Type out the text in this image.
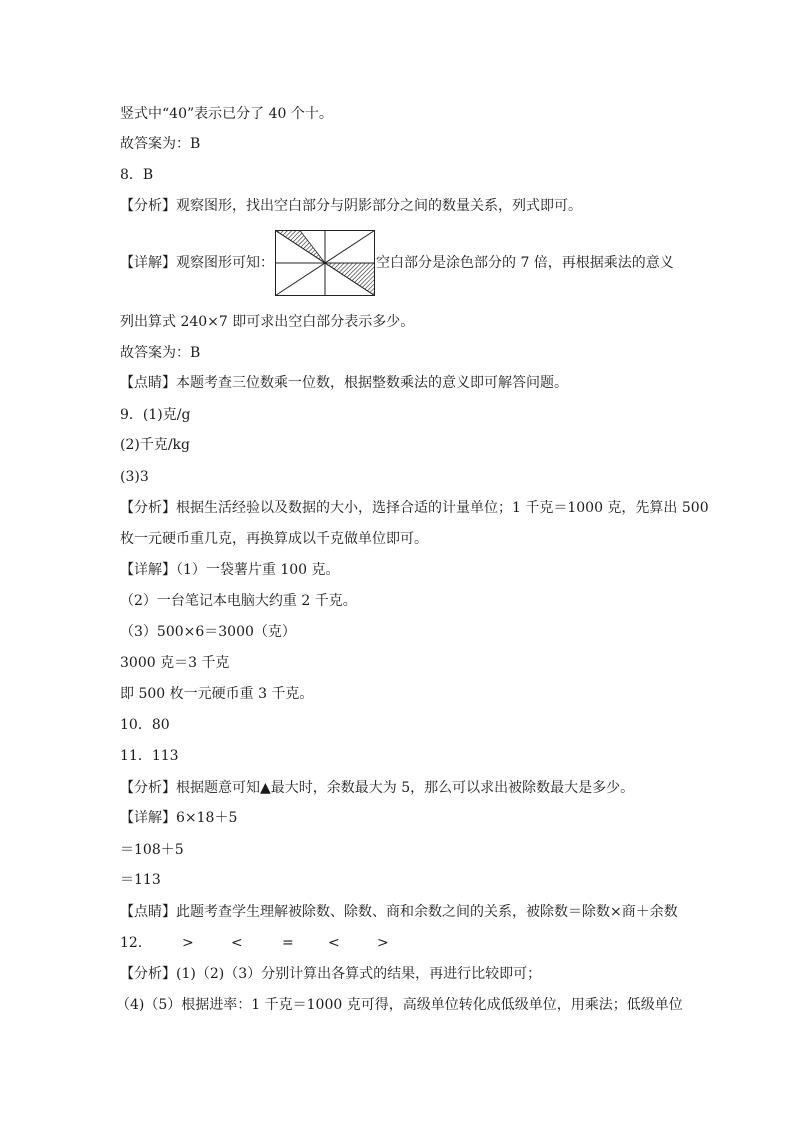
竖式中“40”表示已分了 40 个十。
故答案为：B
8．B
【分析】观察图形，找出空白部分与阴影部分之间的数量关系，列式即可。
【详解】观察图形可知：	空白部分是涂色部分的 7 倍，再根据乘法的意义
列出算式 240×7 即可求出空白部分表示多少。
故答案为：B
【点睛】本题考查三位数乘一位数，根据整数乘法的意义即可解答问题。
9．(1)克/g
(2)千克/kg
(3)3
【分析】根据生活经验以及数据的大小，选择合适的计量单位；1 千克＝1000 克，先算出 500
枚一元硬币重几克，再换算成以千克做单位即可。
【详解】（1）一袋薯片重 100 克。
（2）一台笔记本电脑大约重 2 千克。
（3）500×6＝3000（克）
3000 克＝3 千克
即 500 枚一元硬币重 3 千克。
10．80
11．113
【分析】根据题意可知▲最大时，余数最大为 5，那么可以求出被除数最大是多少。
【详解】6×18＋5
＝108＋5
＝113
【点睛】此题考查学生理解被除数、除数、商和余数之间的关系，被除数＝除数×商＋余数
12． >	<	= <	>
【分析】(1)（2)（3）分别计算出各算式的结果，再进行比较即可；
（4)（5）根据进率：1 千克＝1000 克可得，高级单位转化成低级单位，用乘法；低级单位
